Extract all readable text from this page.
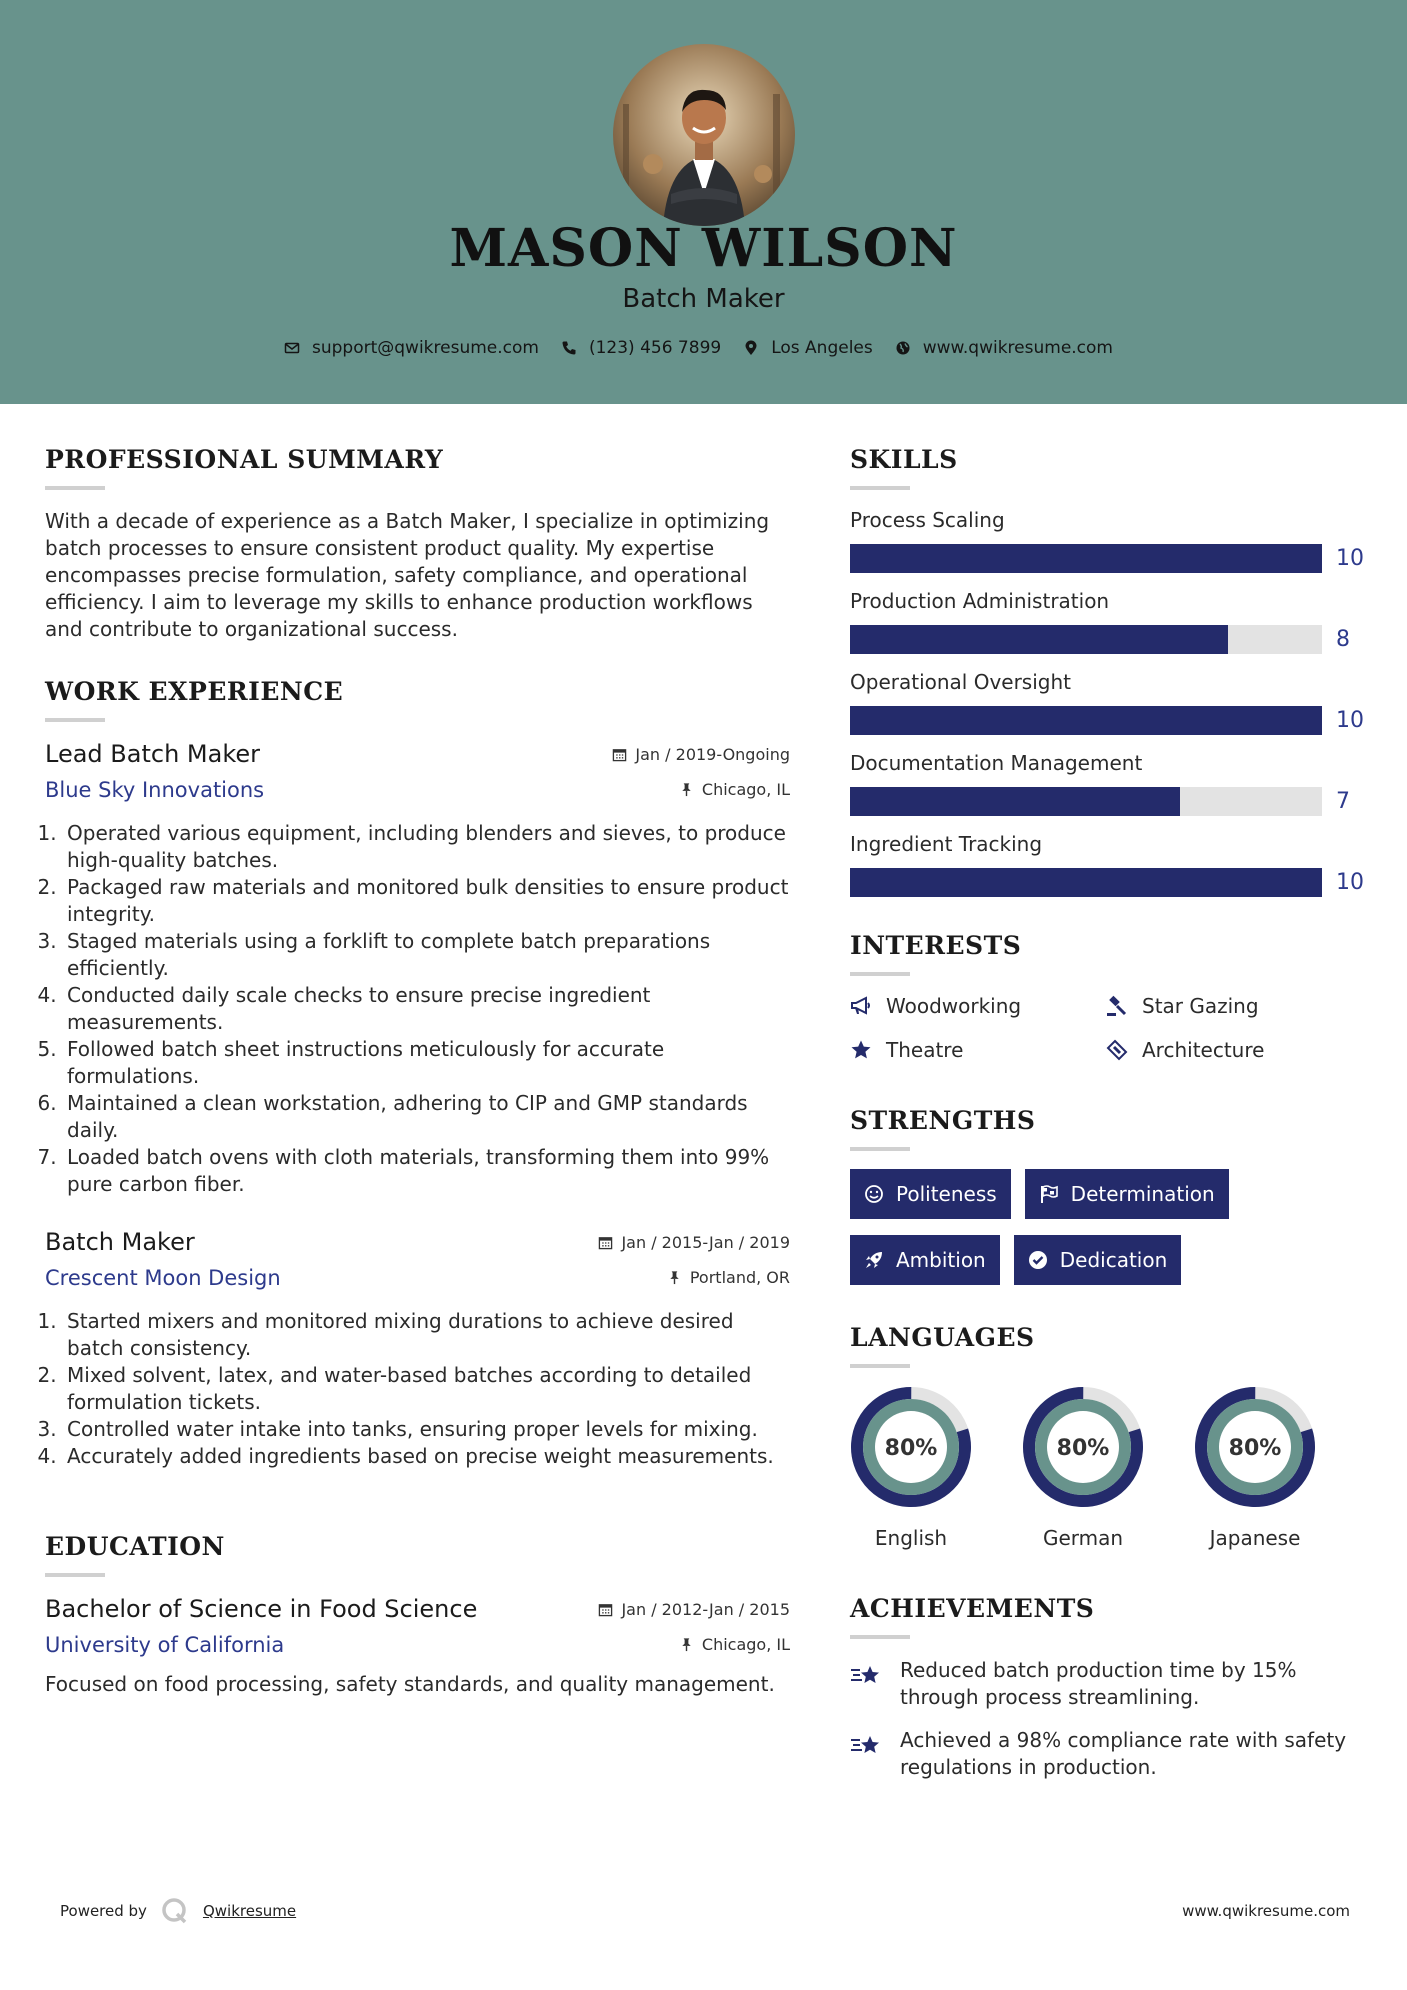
MASON WILSON
Batch Maker
support@qwikresume.com	(123) 456 7899	Los Angeles	www.qwikresume.com
PROFESSIONAL SUMMARY

With a decade of experience as a Batch Maker, I specialize in optimizing batch processes to ensure consistent product quality. My expertise encompasses precise formulation, safety compliance, and operational efficiency. I aim to leverage my skills to enhance production workflows and contribute to organizational success.

WORK EXPERIENCE
Lead Batch Maker	Jan / 2019-Ongoing
Blue Sky Innovations	Chicago, IL
1. Operated various equipment, including blenders and sieves, to produce high-quality batches.
2. Packaged raw materials and monitored bulk densities to ensure product integrity.
3. Staged materials using a forklift to complete batch preparations efficiently.
4. Conducted daily scale checks to ensure precise ingredient measurements.
5. Followed batch sheet instructions meticulously for accurate formulations.
6. Maintained a clean workstation, adhering to CIP and GMP standards daily.
7. Loaded batch ovens with cloth materials, transforming them into 99% pure carbon fiber.
Batch Maker	Jan / 2015-Jan / 2019
Crescent Moon Design	Portland, OR
1. Started mixers and monitored mixing durations to achieve desired batch consistency.
2. Mixed solvent, latex, and water-based batches according to detailed formulation tickets.
3. Controlled water intake into tanks, ensuring proper levels for mixing.
4. Accurately added ingredients based on precise weight measurements.
EDUCATION
Bachelor of Science in Food Science	Jan / 2012-Jan / 2015
University of California	Chicago, IL

Focused on food processing, safety standards, and quality management.

SKILLS
Process Scaling
10
Production Administration
8
Operational Oversight
10
Documentation Management
7
Ingredient Tracking
10
INTERESTS
Woodworking	Star Gazing
Theatre	Architecture
STRENGTHS
Politeness	Determination
Ambition	Dedication
LANGUAGES
80%
English
80%
German
80%
Japanese
ACHIEVEMENTS
Reduced batch production time by 15% through process streamlining.
Achieved a 98% compliance rate with safety regulations in production.
Powered by	Qwikresume	www.qwikresume.com
